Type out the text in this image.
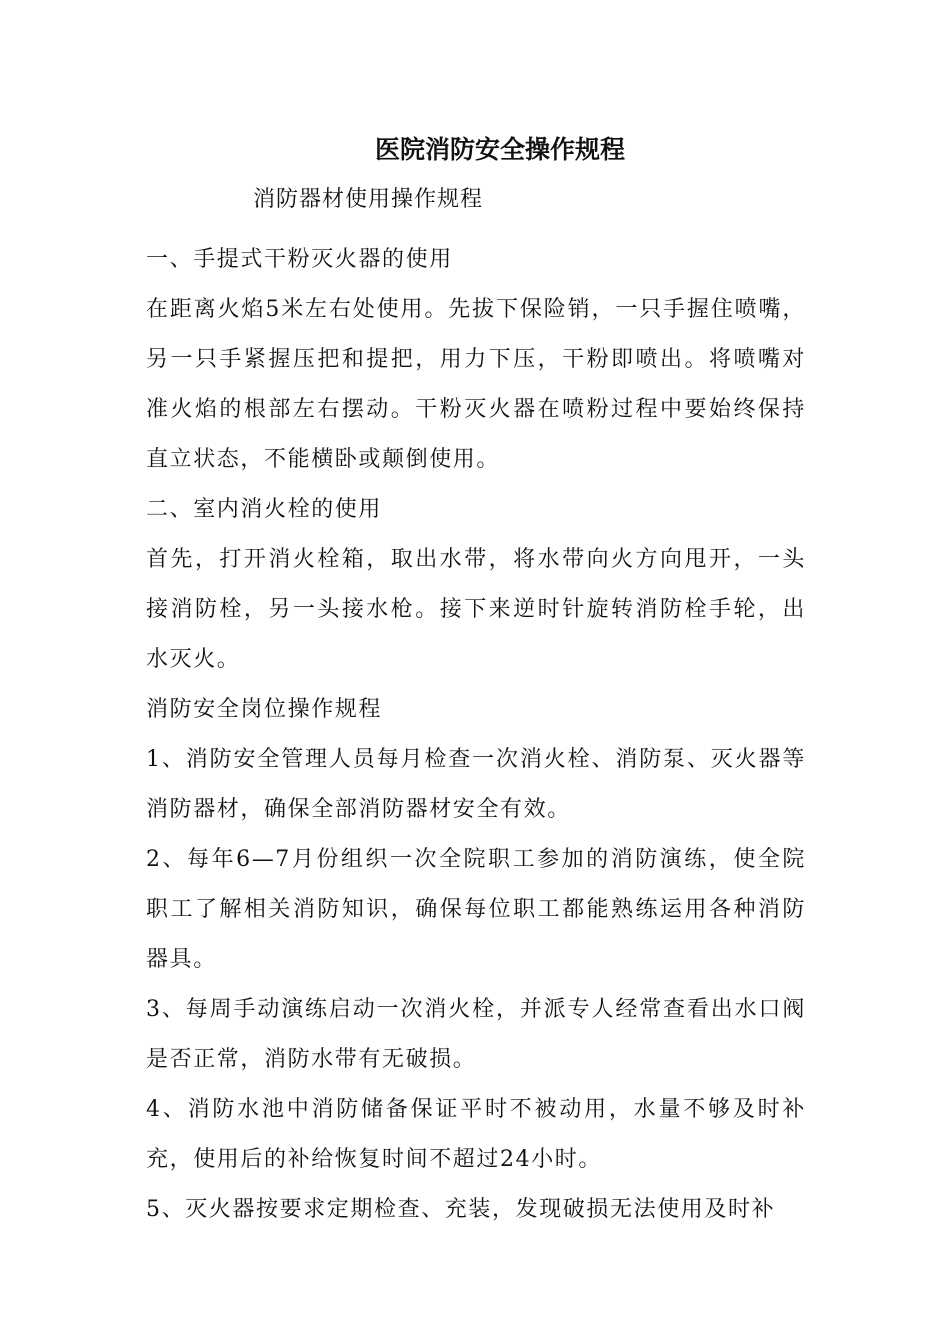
医院消防安全操作规程
消防器材使用操作规程

一、手提式干粉灭火器的使用

在距离火焰5米左右处使用。先拔下保险销，一只手握住喷嘴，另一只手紧握压把和提把，用力下压，干粉即喷出。将喷嘴对准火焰的根部左右摆动。干粉灭火器在喷粉过程中要始终保持直立状态，不能横卧或颠倒使用。

二、室内消火栓的使用

首先，打开消火栓箱，取出水带，将水带向火方向甩开，一头接消防栓，另一头接水枪。接下来逆时针旋转消防栓手轮，出水灭火。

消防安全岗位操作规程

1、消防安全管理人员每月检查一次消火栓、消防泵、灭火器等消防器材，确保全部消防器材安全有效。

2、每年6—7月份组织一次全院职工参加的消防演练，使全院职工了解相关消防知识，确保每位职工都能熟练运用各种消防器具。

3、每周手动演练启动一次消火栓，并派专人经常查看出水口阀是否正常，消防水带有无破损。

4、消防水池中消防储备保证平时不被动用，水量不够及时补充，使用后的补给恢复时间不超过24小时。

5、灭火器按要求定期检查、充装，发现破损无法使用及时补
